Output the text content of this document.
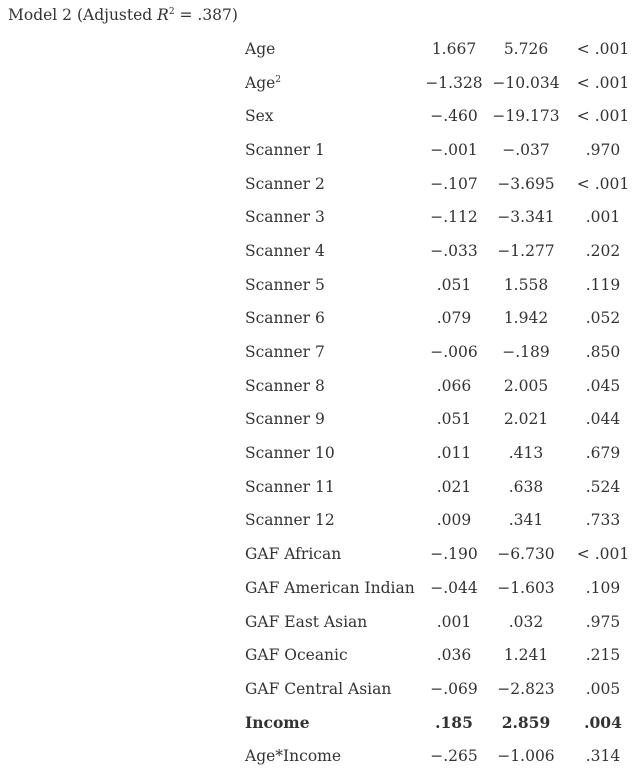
Model 2 (Adjusted $R^2 = .387$)
Age	1.667	5.726	< .001
Age$^2$	−1.328	−10.034	< .001
Sex	−.460	−19.173	< .001
Scanner 1	−.001	−.037	.970
Scanner 2	−.107	−3.695	< .001
Scanner 3	−.112	−3.341	.001
Scanner 4	−.033	−1.277	.202
Scanner 5	.051	1.558	.119
Scanner 6	.079	1.942	.052
Scanner 7	−.006	−.189	.850
Scanner 8	.066	2.005	.045
Scanner 9	.051	2.021	.044
Scanner 10	.011	.413	.679
Scanner 11	.021	.638	.524
Scanner 12	.009	.341	.733
GAF African	−.190	−6.730	< .001
GAF American Indian	−.044	−1.603	.109
GAF East Asian	.001	.032	.975
GAF Oceanic	.036	1.241	.215
GAF Central Asian	−.069	−2.823	.005
Income	.185	2.859	.004
Age*Income	−.265	−1.006	.314
